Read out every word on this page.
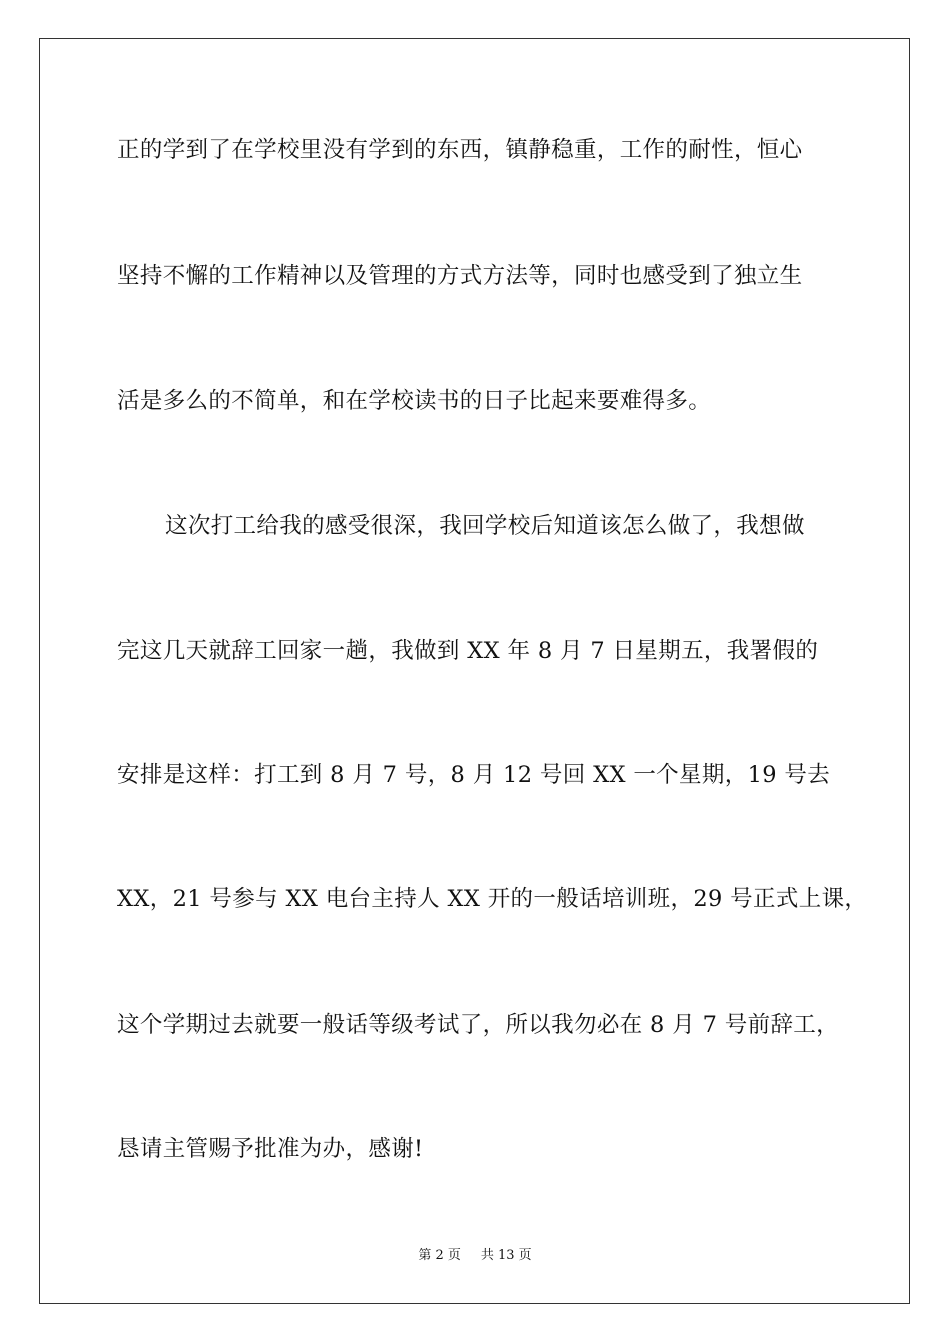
正的学到了在学校里没有学到的东西，镇静稳重，工作的耐性，恒心
坚持不懈的工作精神以及管理的方式方法等，同时也感受到了独立生
活是多么的不简单，和在学校读书的日子比起来要难得多。
这次打工给我的感受很深，我回学校后知道该怎么做了，我想做
完这几天就辞工回家一趟，我做到 XX 年 8 月 7 日星期五，我署假的
安排是这样：打工到 8 月 7 号，8 月 12 号回 XX 一个星期，19 号去
XX，21 号参与 XX 电台主持人 XX 开的一般话培训班，29 号正式上课，
这个学期过去就要一般话等级考试了，所以我勿必在 8 月 7 号前辞工，
恳请主管赐予批准为办，感谢!
第 2 页 共 13 页
